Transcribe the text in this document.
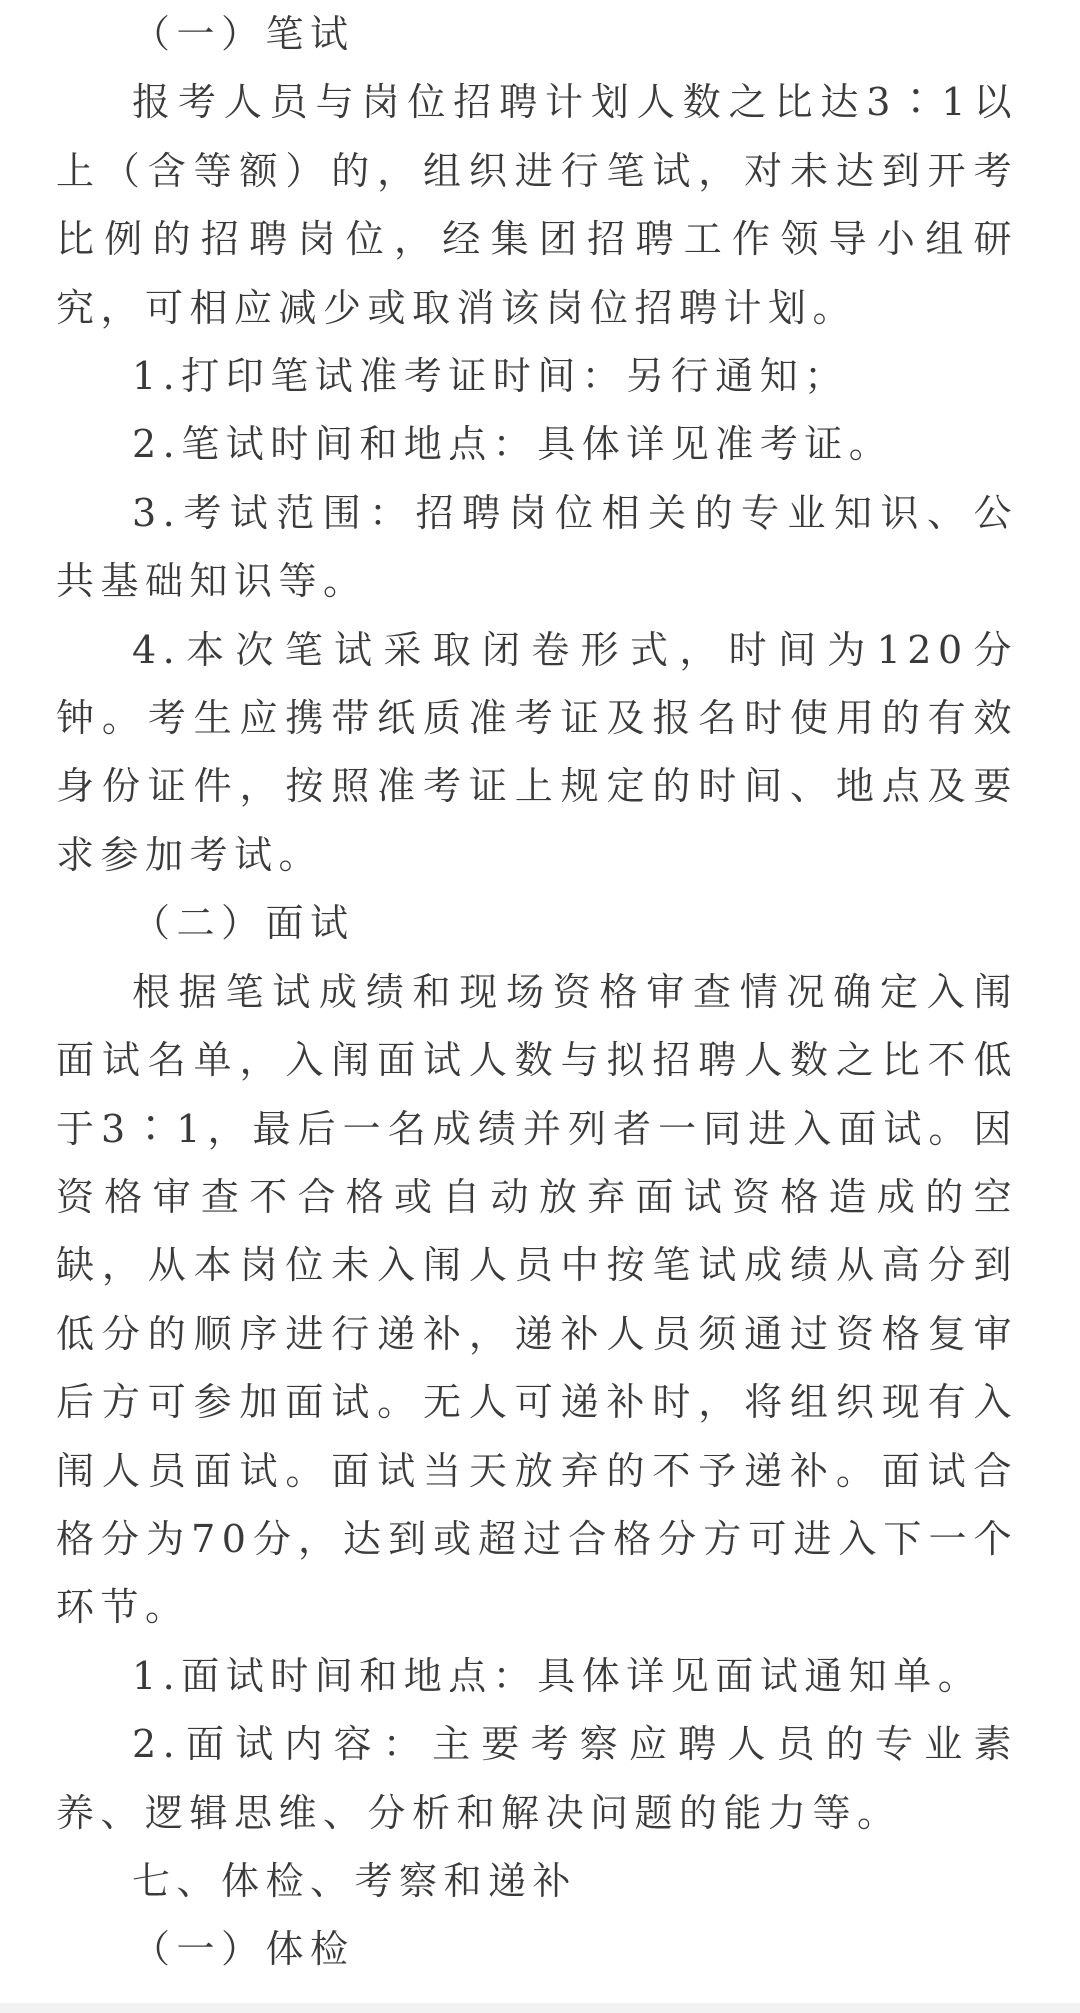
（一）笔试

报考人员与岗位招聘计划人数之比达3∶1以上（含等额）的，组织进行笔试，对未达到开考比例的招聘岗位，经集团招聘工作领导小组研究，可相应减少或取消该岗位招聘计划。

1.打印笔试准考证时间：另行通知；

2.笔试时间和地点：具体详见准考证。

3.考试范围：招聘岗位相关的专业知识、公共基础知识等。

4.本次笔试采取闭卷形式，时间为120分钟。考生应携带纸质准考证及报名时使用的有效身份证件，按照准考证上规定的时间、地点及要求参加考试。

（二）面试

根据笔试成绩和现场资格审查情况确定入闱面试名单，入闱面试人数与拟招聘人数之比不低于3∶1，最后一名成绩并列者一同进入面试。因资格审查不合格或自动放弃面试资格造成的空缺，从本岗位未入闱人员中按笔试成绩从高分到低分的顺序进行递补，递补人员须通过资格复审后方可参加面试。无人可递补时，将组织现有入闱人员面试。面试当天放弃的不予递补。面试合格分为70分，达到或超过合格分方可进入下一个环节。

1.面试时间和地点：具体详见面试通知单。

2.面试内容：主要考察应聘人员的专业素养、逻辑思维、分析和解决问题的能力等。

七、体检、考察和递补

（一）体检
